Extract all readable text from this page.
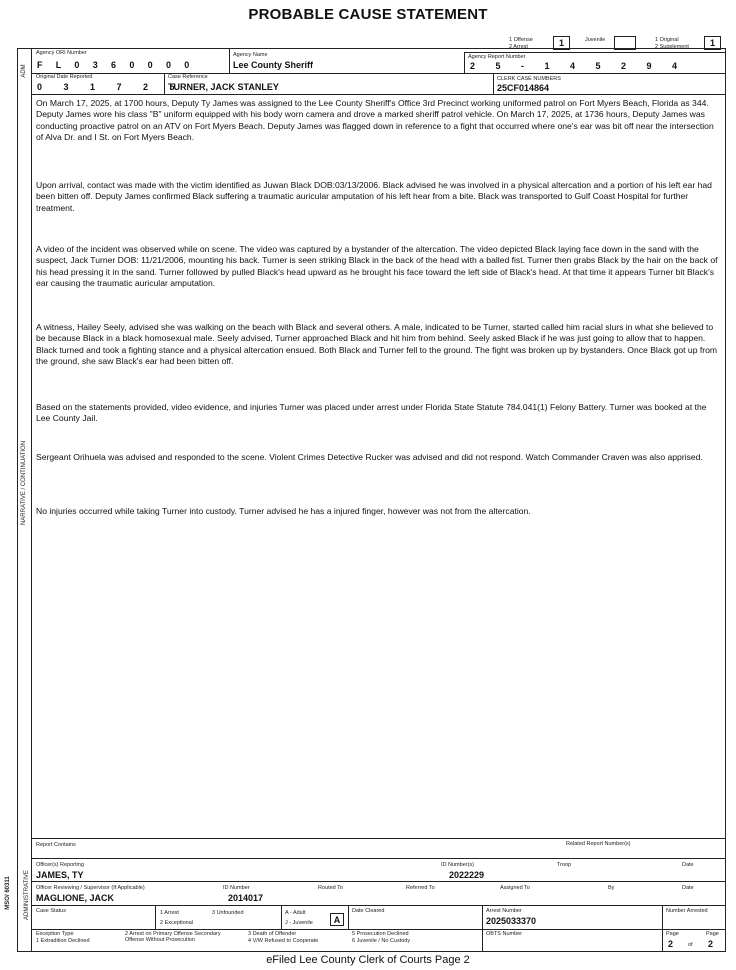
PROBABLE CAUSE STATEMENT
1 Offense
2 Arrest	1	Juvenile	1 Original
2 Supplement	1
Agency ORI Number
F L 0 3 6 0 0 0 0
Agency Name
Lee County Sheriff
Agency Report Number
2 5 - 1 4 5 2 9 4
Original Date Reported
0 3 1 7 2 5
Case Reference
TURNER, JACK STANLEY
CLERK CASE NUMBERS
25CF014864
ADM
NARRATIVE / CONTINUATION
ADMINISTRATIVE
MSO/ 60311
On March 17, 2025, at 1700 hours, Deputy Ty James was assigned to the Lee County Sheriff's Office 3rd Precinct working uniformed patrol on Fort Myers Beach, Florida as 344. Deputy James wore his class "B" uniform equipped with his body worn camera and drove a marked sheriff patrol vehicle. On March 17, 2025, at 1736 hours, Deputy James was conducting proactive patrol on an ATV on Fort Myers Beach. Deputy James was flagged down in reference to a fight that occurred where one's ear was bit off near the intersection of Alva Dr. and I St. on Fort Myers Beach.
Upon arrival, contact was made with the victim identified as Juwan Black DOB:03/13/2006. Black advised he was involved in a physical altercation and a portion of his left ear had been bitten off. Deputy James confirmed Black suffering a traumatic auricular amputation of his left hear from a bite. Black was transported to Gulf Coast Hospital for further treatment.
A video of the incident was observed while on scene. The video was captured by a bystander of the altercation. The video depicted Black laying face down in the sand with the suspect, Jack Turner DOB: 11/21/2006, mounting his back. Turner is seen striking Black in the back of the head with a balled fist. Turner then grabs Black by the hair on the back of his head pressing it in the sand. Turner followed by pulled Black's head upward as he brought his face toward the left side of Black's head. At that time it appears Turner bit Black's ear causing the traumatic auricular amputation.
A witness, Hailey Seely, advised she was walking on the beach with Black and several others. A male, indicated to be Turner, started called him racial slurs in what she believed to be because Black in a black homosexual male. Seely advised, Turner approached Black and hit him from behind. Seely asked Black if he was just going to allow that to happen. Black turned and took a fighting stance and a physical altercation ensued. Both Black and Turner fell to the ground. The fight was broken up by bystanders. Once Black got up from the ground, she saw Black's ear had been bitten off.
Based on the statements provided, video evidence, and injuries Turner was placed under arrest under Florida State Statute 784.041(1) Felony Battery. Turner was booked at the Lee County Jail.
Sergeant Orihuela was advised and responded to the scene. Violent Crimes Detective Rucker was advised and did not respond. Watch Commander Craven was also apprised.
No injuries occurred while taking Turner into custody. Turner advised he has a injured finger, however was not from the altercation.
Report Contains	Related Report Number(s)
Officer(s) Reporting
JAMES, TY
ID Number(s)
2022229
Troop	Date
Officer Reviewing / Supervisor (If Applicable)
MAGLIONE, JACK
ID Number
2014017
Routed To	Referred To	Assigned To	By	Date
Case Status	1 Arrest
2 Exceptional
3 Unfounded	A - Adult
J - Juvenile	A
Date Cleared	Arrest Number
2025033370
Number Arrested
Exception Type
1 Extradition Declined
2 Arrest on Primary Offense Secondary Offense Without Prosecution
3 Death of Offender
4 V/W Refused to Cooperate
5 Prosecution Declined
6 Juvenile / No Custody
OBTS Number	Page	Page
2	of 2
eFiled Lee County Clerk of Courts Page 2
